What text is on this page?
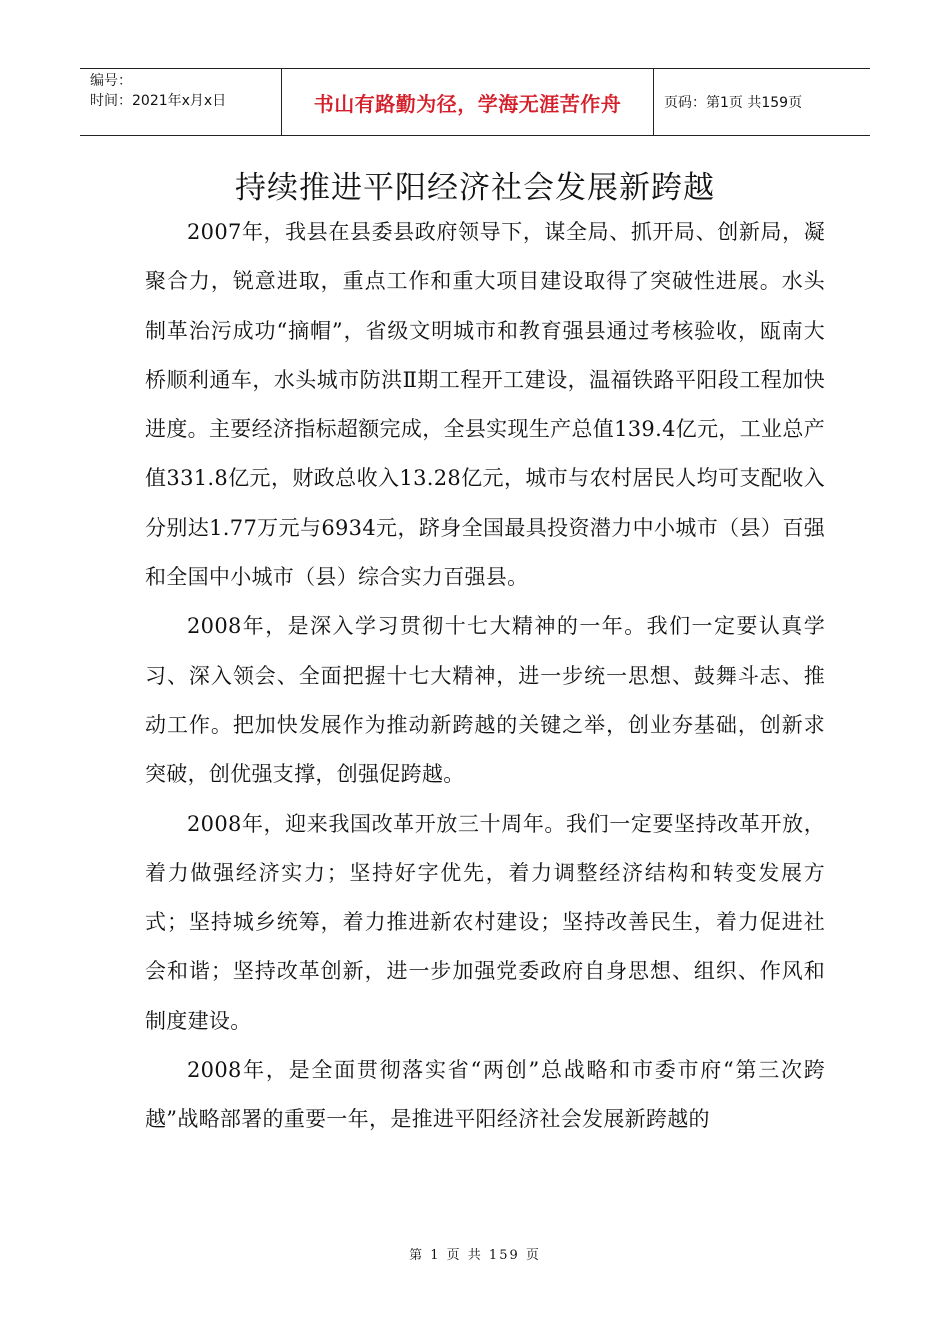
编号：
时间：2021年x月x日	书山有路勤为径，学海无涯苦作舟	页码：第1页 共159页
持续推进平阳经济社会发展新跨越

2007年，我县在县委县政府领导下，谋全局、抓开局、创新局，凝聚合力，锐意进取，重点工作和重大项目建设取得了突破性进展。水头制革治污成功“摘帽”，省级文明城市和教育强县通过考核验收，瓯南大桥顺利通车，水头城市防洪Ⅱ期工程开工建设，温福铁路平阳段工程加快进度。主要经济指标超额完成，全县实现生产总值139.4亿元，工业总产值331.8亿元，财政总收入13.28亿元，城市与农村居民人均可支配收入分别达1.77万元与6934元，跻身全国最具投资潜力中小城市（县）百强和全国中小城市（县）综合实力百强县。

2008年，是深入学习贯彻十七大精神的一年。我们一定要认真学习、深入领会、全面把握十七大精神，进一步统一思想、鼓舞斗志、推动工作。把加快发展作为推动新跨越的关键之举，创业夯基础，创新求突破，创优强支撑，创强促跨越。

2008年，迎来我国改革开放三十周年。我们一定要坚持改革开放，着力做强经济实力；坚持好字优先，着力调整经济结构和转变发展方式；坚持城乡统筹，着力推进新农村建设；坚持改善民生，着力促进社会和谐；坚持改革创新，进一步加强党委政府自身思想、组织、作风和制度建设。

2008年，是全面贯彻落实省“两创”总战略和市委市府“第三次跨越”战略部署的重要一年，是推进平阳经济社会发展新跨越的

第 1 页 共 159 页
